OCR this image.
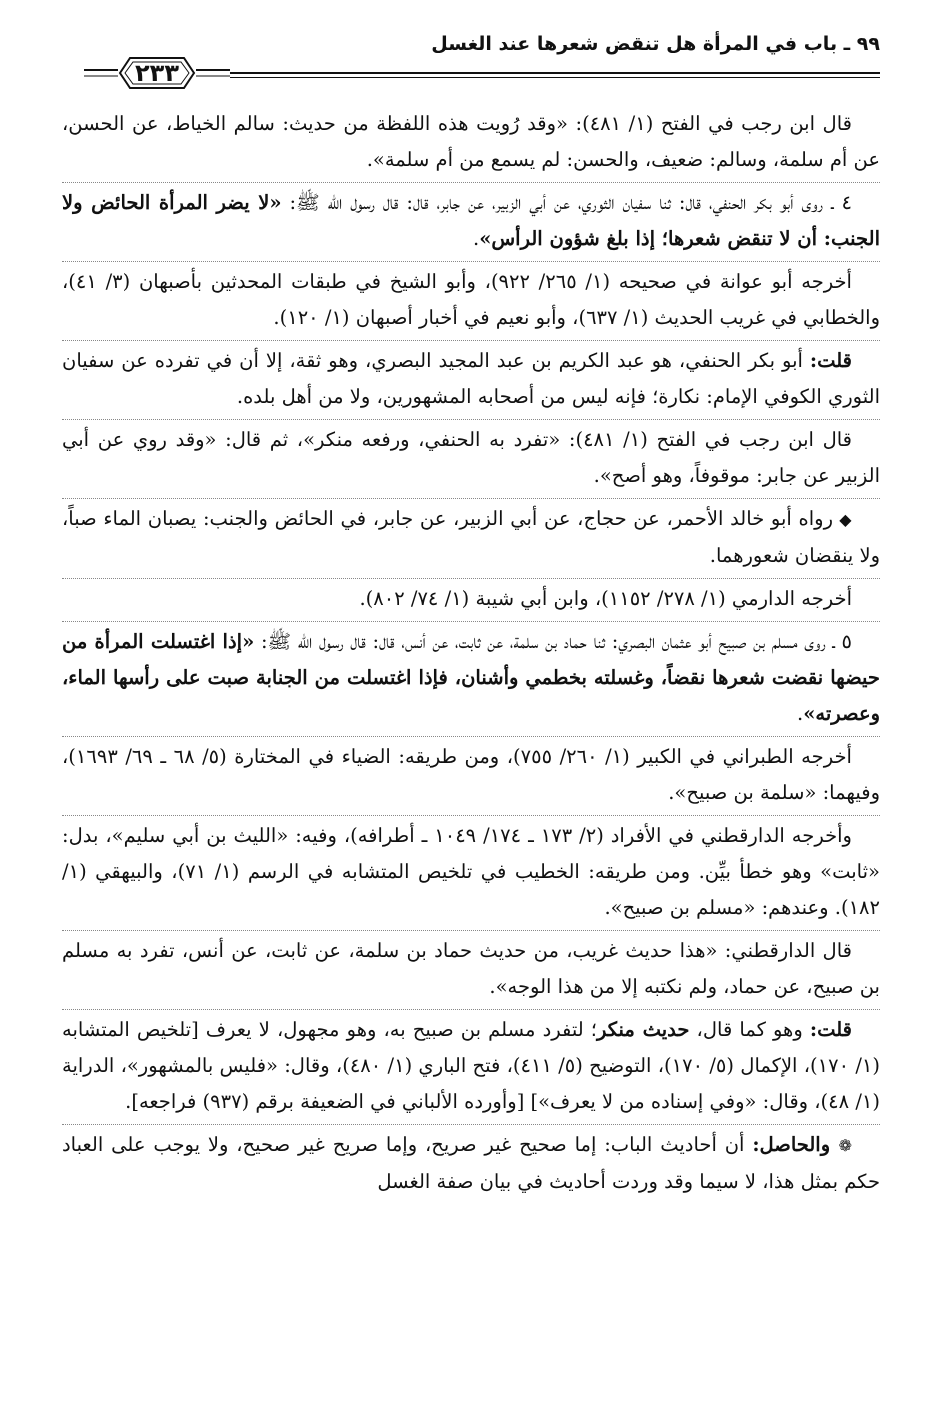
٩٩ ـ باب في المرأة هل تنقض شعرها عند الغسل
٢٣٣

قال ابن رجب في الفتح (١/ ٤٨١): «وقد رُويت هذه اللفظة من حديث: سالم الخياط، عن الحسن، عن أم سلمة، وسالم: ضعيف، والحسن: لم يسمع من أم سلمة».

٤ ـ روى أبو بكر الحنفي، قال: ثنا سفيان الثوري، عن أبي الزبير، عن جابر، قال: قال رسول الله ﷺ: «لا يضر المرأة الحائض ولا الجنب: أن لا تنقض شعرها؛ إذا بلغ شؤون الرأس».

أخرجه أبو عوانة في صحيحه (١/ ٢٦٥/ ٩٢٢)، وأبو الشيخ في طبقات المحدثين بأصبهان (٣/ ٤١)، والخطابي في غريب الحديث (١/ ٦٣٧)، وأبو نعيم في أخبار أصبهان (١/ ١٢٠).

قلت: أبو بكر الحنفي، هو عبد الكريم بن عبد المجيد البصري، وهو ثقة، إلا أن في تفرده عن سفيان الثوري الكوفي الإمام: نكارة؛ فإنه ليس من أصحابه المشهورين، ولا من أهل بلده.

قال ابن رجب في الفتح (١/ ٤٨١): «تفرد به الحنفي، ورفعه منكر»، ثم قال: «وقد روي عن أبي الزبير عن جابر: موقوفاً، وهو أصح».

◆ رواه أبو خالد الأحمر، عن حجاج، عن أبي الزبير، عن جابر، في الحائض والجنب: يصبان الماء صباً، ولا ينقضان شعورهما.

أخرجه الدارمي (١/ ٢٧٨/ ١١٥٢)، وابن أبي شيبة (١/ ٧٤/ ٨٠٢).

٥ ـ روى مسلم بن صبيح أبو عثمان البصري: ثنا حماد بن سلمة، عن ثابت، عن أنس، قال: قال رسول الله ﷺ: «إذا اغتسلت المرأة من حيضها نقضت شعرها نقضاً، وغسلته بخطمي وأشنان، فإذا اغتسلت من الجنابة صبت على رأسها الماء، وعصرته».

أخرجه الطبراني في الكبير (١/ ٢٦٠/ ٧٥٥)، ومن طريقه: الضياء في المختارة (٥/ ٦٨ ـ ٦٩/ ١٦٩٣)، وفيهما: «سلمة بن صبيح».

وأخرجه الدارقطني في الأفراد (٢/ ١٧٣ ـ ١٧٤/ ١٠٤٩ ـ أطرافه)، وفيه: «الليث بن أبي سليم»، بدل: «ثابت» وهو خطأ بيِّن. ومن طريقه: الخطيب في تلخيص المتشابه في الرسم (١/ ٧١)، والبيهقي (١/ ١٨٢). وعندهم: «مسلم بن صبيح».

قال الدارقطني: «هذا حديث غريب، من حديث حماد بن سلمة، عن ثابت، عن أنس، تفرد به مسلم بن صبيح، عن حماد، ولم نكتبه إلا من هذا الوجه».

قلت: وهو كما قال، حديث منكر؛ لتفرد مسلم بن صبيح به، وهو مجهول، لا يعرف [تلخيص المتشابه (١/ ١٧٠)، الإكمال (٥/ ١٧٠)، التوضيح (٥/ ٤١١)، فتح الباري (١/ ٤٨٠)، وقال: «فليس بالمشهور»، الدراية (١/ ٤٨)، وقال: «وفي إسناده من لا يعرف»] [وأورده الألباني في الضعيفة برقم (٩٣٧) فراجعه].

❁ والحاصل: أن أحاديث الباب: إما صحيح غير صريح، وإما صريح غير صحيح، ولا يوجب على العباد حكم بمثل هذا، لا سيما وقد وردت أحاديث في بيان صفة الغسل
